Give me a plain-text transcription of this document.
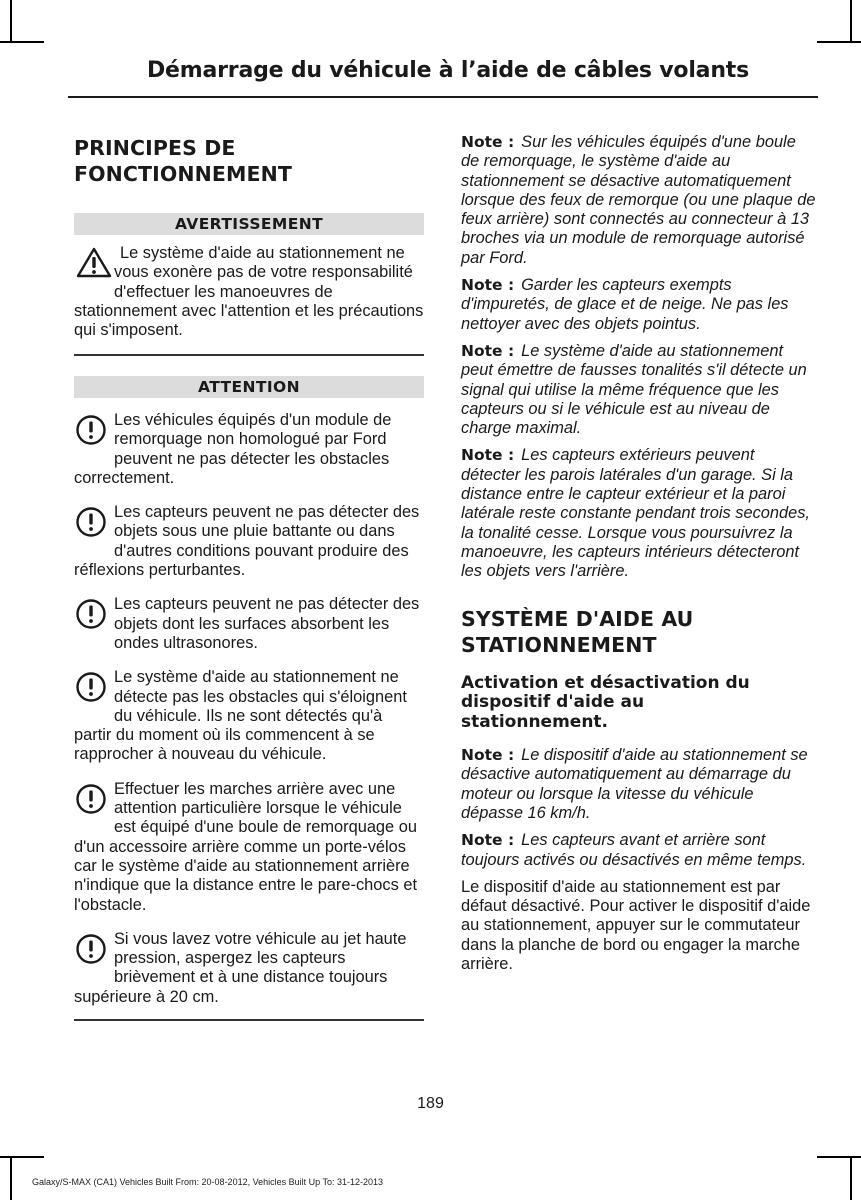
Démarrage du véhicule à l’aide de câbles volants
PRINCIPES DE FONCTIONNEMENT
AVERTISSEMENT

Le système d'aide au stationnement ne vous exonère pas de votre responsabilité d'effectuer les manoeuvres de stationnement avec l'attention et les précautions qui s'imposent.

ATTENTION

Les véhicules équipés d'un module de remorquage non homologué par Ford peuvent ne pas détecter les obstacles correctement.

Les capteurs peuvent ne pas détecter des objets sous une pluie battante ou dans d'autres conditions pouvant produire des réflexions perturbantes.

Les capteurs peuvent ne pas détecter des objets dont les surfaces absorbent les ondes ultrasonores.

Le système d'aide au stationnement ne détecte pas les obstacles qui s'éloignent du véhicule. Ils ne sont détectés qu'à partir du moment où ils commencent à se rapprocher à nouveau du véhicule.

Effectuer les marches arrière avec une attention particulière lorsque le véhicule est équipé d'une boule de remorquage ou d'un accessoire arrière comme un porte-vélos car le système d'aide au stationnement arrière n'indique que la distance entre le pare-chocs et l'obstacle.

Si vous lavez votre véhicule au jet haute pression, aspergez les capteurs brièvement et à une distance toujours supérieure à 20 cm.

Note : Sur les véhicules équipés d'une boule de remorquage, le système d'aide au stationnement se désactive automatiquement lorsque des feux de remorque (ou une plaque de feux arrière) sont connectés au connecteur à 13 broches via un module de remorquage autorisé par Ford.

Note : Garder les capteurs exempts d'impuretés, de glace et de neige. Ne pas les nettoyer avec des objets pointus.

Note : Le système d'aide au stationnement peut émettre de fausses tonalités s'il détecte un signal qui utilise la même fréquence que les capteurs ou si le véhicule est au niveau de charge maximal.

Note : Les capteurs extérieurs peuvent détecter les parois latérales d'un garage. Si la distance entre le capteur extérieur et la paroi latérale reste constante pendant trois secondes, la tonalité cesse. Lorsque vous poursuivrez la manoeuvre, les capteurs intérieurs détecteront les objets vers l'arrière.

SYSTÈME D'AIDE AU STATIONNEMENT
Activation et désactivation du dispositif d'aide au stationnement.

Note : Le dispositif d'aide au stationnement se désactive automatiquement au démarrage du moteur ou lorsque la vitesse du véhicule dépasse 16 km/h.

Note : Les capteurs avant et arrière sont toujours activés ou désactivés en même temps.

Le dispositif d'aide au stationnement est par défaut désactivé. Pour activer le dispositif d'aide au stationnement, appuyer sur le commutateur dans la planche de bord ou engager la marche arrière.

189
Galaxy/S-MAX (CA1) Vehicles Built From: 20-08-2012, Vehicles Built Up To: 31-12-2013
